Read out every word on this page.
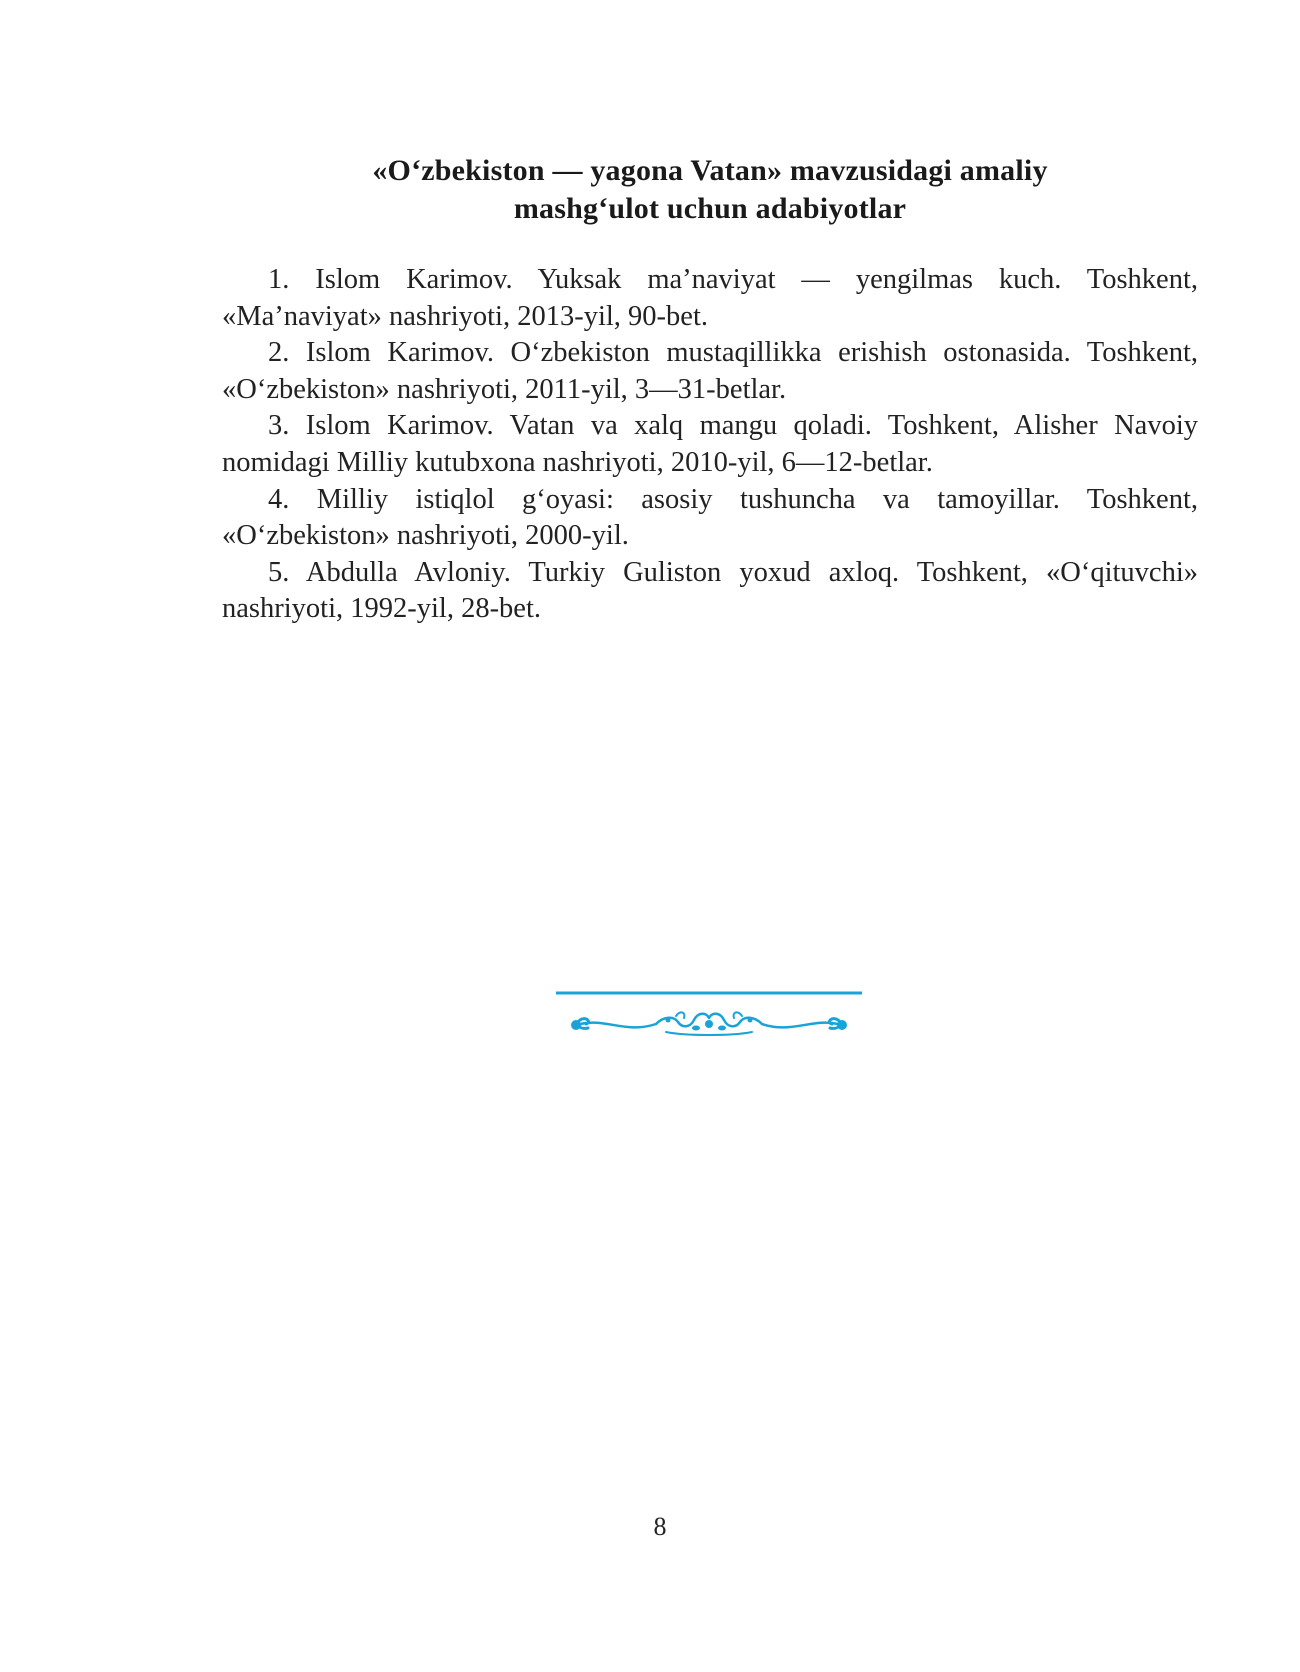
«O‘zbekiston — yagona Vatan» mavzusidagi amaliy
mashg‘ulot uchun adabiyotlar

1. Islom Karimov. Yuksak ma’naviyat — yengilmas kuch. Toshkent, «Ma’naviyat» nashriyoti, 2013-yil, 90-bet.

2. Islom Karimov. O‘zbekiston mustaqillikka erishish ostonasida. Toshkent, «O‘zbekiston» nashriyoti, 2011-yil, 3—31-betlar.

3. Islom Karimov. Vatan va xalq mangu qoladi. Toshkent, Alisher Navoiy nomidagi Milliy kutubxona nashriyoti, 2010-yil, 6—12-betlar.

4. Milliy istiqlol g‘oyasi: asosiy tushuncha va tamoyillar. Toshkent, «O‘zbekiston» nashriyoti, 2000-yil.

5. Abdulla Avloniy. Turkiy Guliston yoxud axloq. Toshkent, «O‘qituvchi» nashriyoti, 1992-yil, 28-bet.

8
